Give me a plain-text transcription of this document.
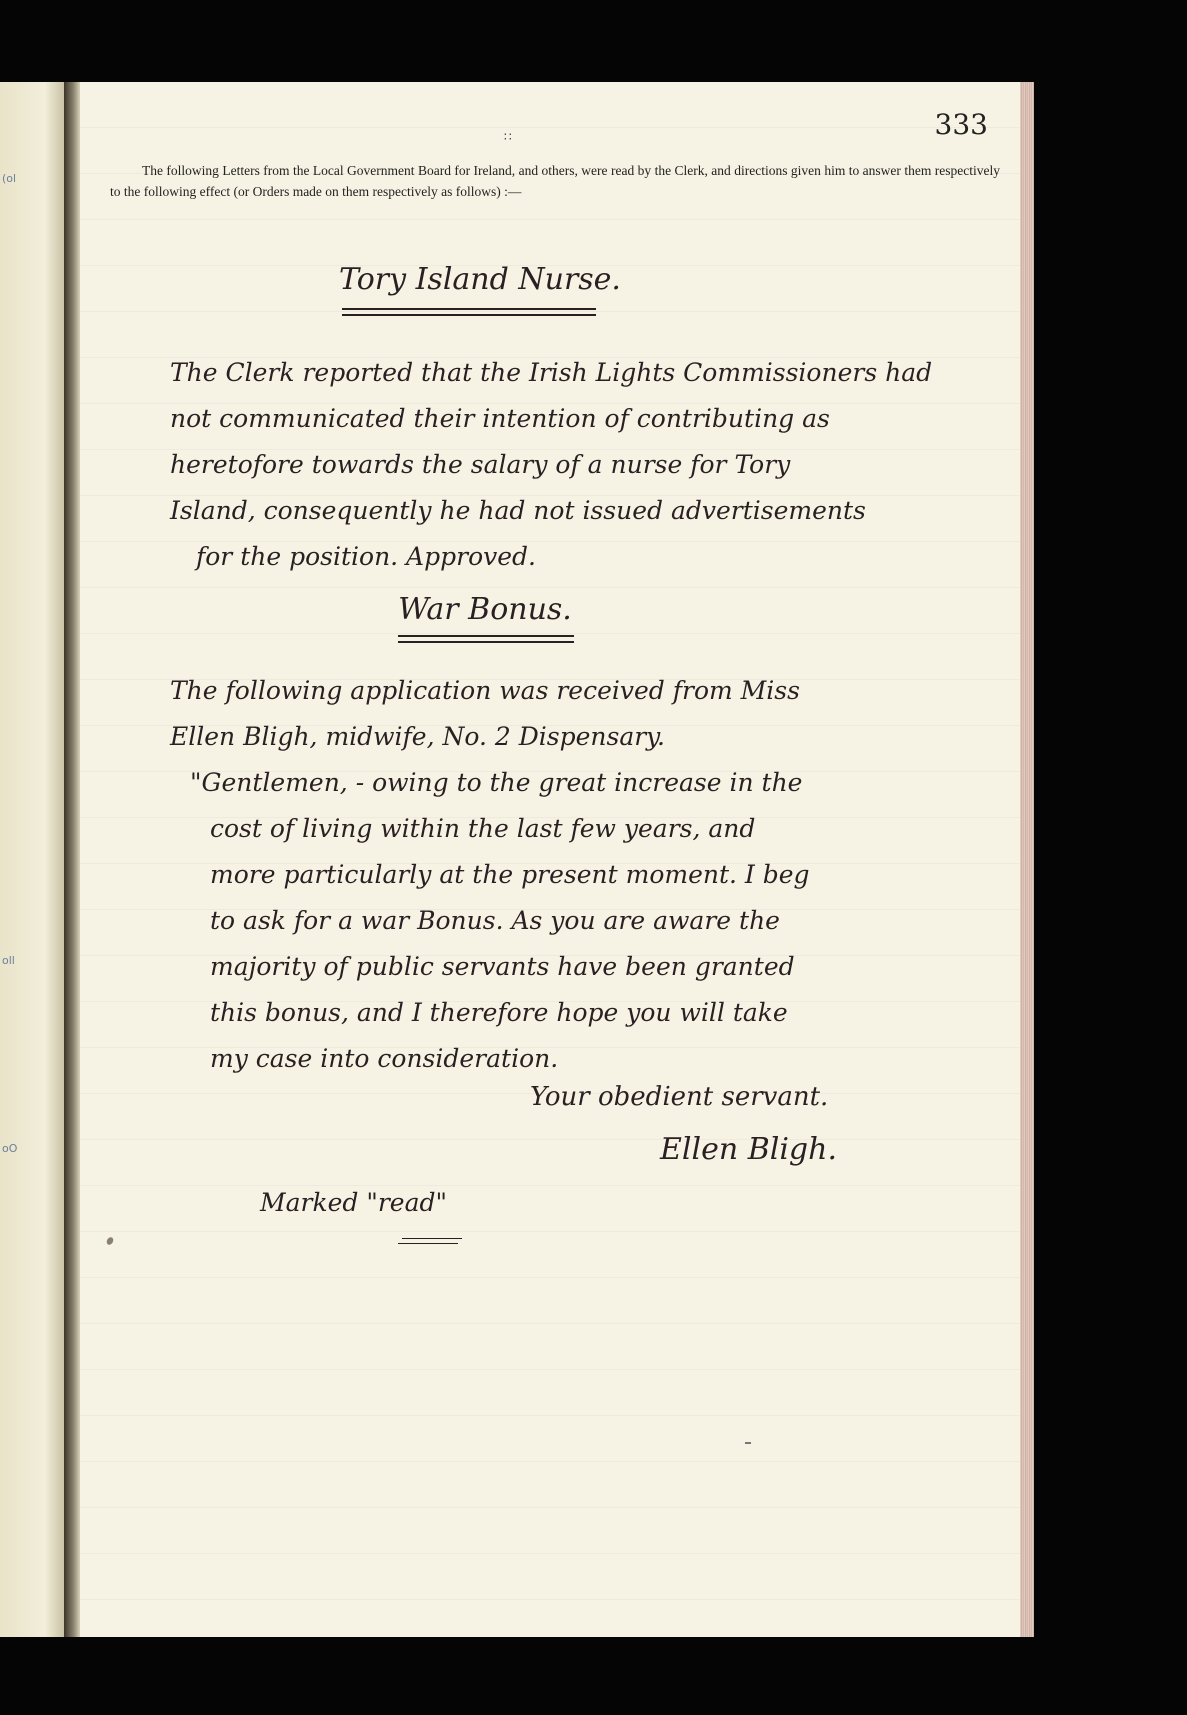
(ol
oll
oO
333
∷
The following Letters from the Local Government Board for Ireland, and others, were read by the Clerk, and directions given him to answer them respectively to the following effect (or Orders made on them respectively as follows) :—
Tory Island Nurse.
The Clerk reported that the Irish Lights Commissioners had
not communicated their intention of contributing as
heretofore towards the salary of a nurse for Tory
Island, consequently he had not issued advertisements
for the position. Approved.
War Bonus.
The following application was received from Miss
Ellen Bligh, midwife, No. 2 Dispensary.
"Gentlemen, - owing to the great increase in the
cost of living within the last few years, and
more particularly at the present moment. I beg
to ask for a war Bonus. As you are aware the
majority of public servants have been granted
this bonus, and I therefore hope you will take
my case into consideration.
Your obedient servant.
Ellen Bligh.
Marked "read"
